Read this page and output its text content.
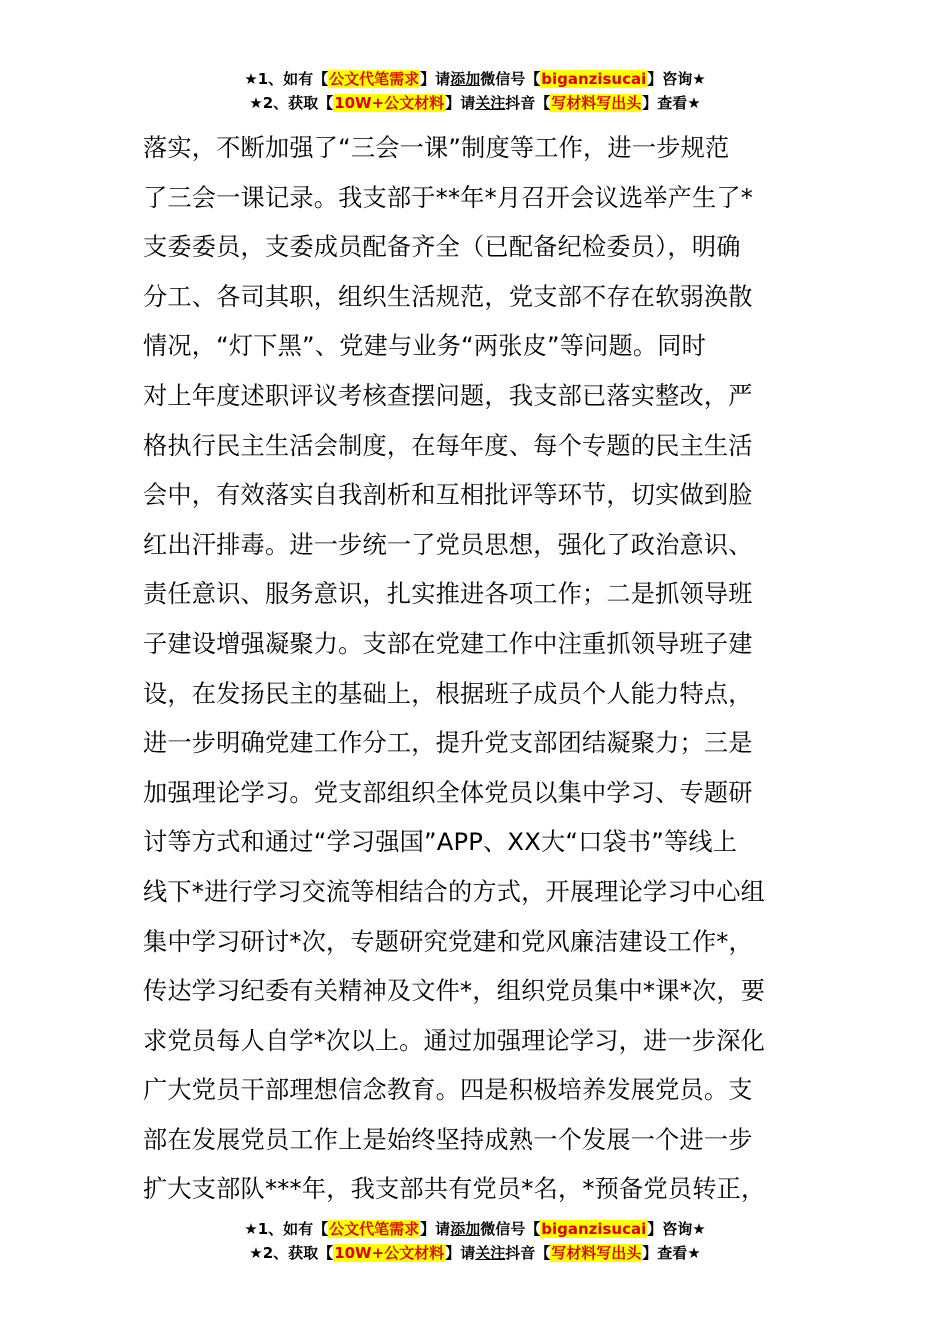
★1、如有【公文代笔需求】请添加微信号【biganzisucai】咨询★
★2、获取【10W+公文材料】请关注抖音【写材料写出头】查看★
落实，不断加强了“三会一课”制度等工作，进一步规范
了三会一课记录。我支部于**年*月召开会议选举产生了*
支委委员，支委成员配备齐全（已配备纪检委员），明确
分工、各司其职，组织生活规范，党支部不存在软弱涣散
情况，“灯下黑”、党建与业务“两张皮”等问题。同时
对上年度述职评议考核查摆问题，我支部已落实整改，严
格执行民主生活会制度，在每年度、每个专题的民主生活
会中，有效落实自我剖析和互相批评等环节，切实做到脸
红出汗排毒。进一步统一了党员思想，强化了政治意识、
责任意识、服务意识，扎实推进各项工作；二是抓领导班
子建设增强凝聚力。支部在党建工作中注重抓领导班子建
设，在发扬民主的基础上，根据班子成员个人能力特点，
进一步明确党建工作分工，提升党支部团结凝聚力；三是
加强理论学习。党支部组织全体党员以集中学习、专题研
讨等方式和通过“学习强国”APP、XX大“口袋书”等线上
线下*进行学习交流等相结合的方式，开展理论学习中心组
集中学习研讨*次，专题研究党建和党风廉洁建设工作*，
传达学习纪委有关精神及文件*，组织党员集中*课*次，要
求党员每人自学*次以上。通过加强理论学习，进一步深化
广大党员干部理想信念教育。四是积极培养发展党员。支
部在发展党员工作上是始终坚持成熟一个发展一个进一步
扩大支部队***年，我支部共有党员*名，*预备党员转正，
★1、如有【公文代笔需求】请添加微信号【biganzisucai】咨询★
★2、获取【10W+公文材料】请关注抖音【写材料写出头】查看★
